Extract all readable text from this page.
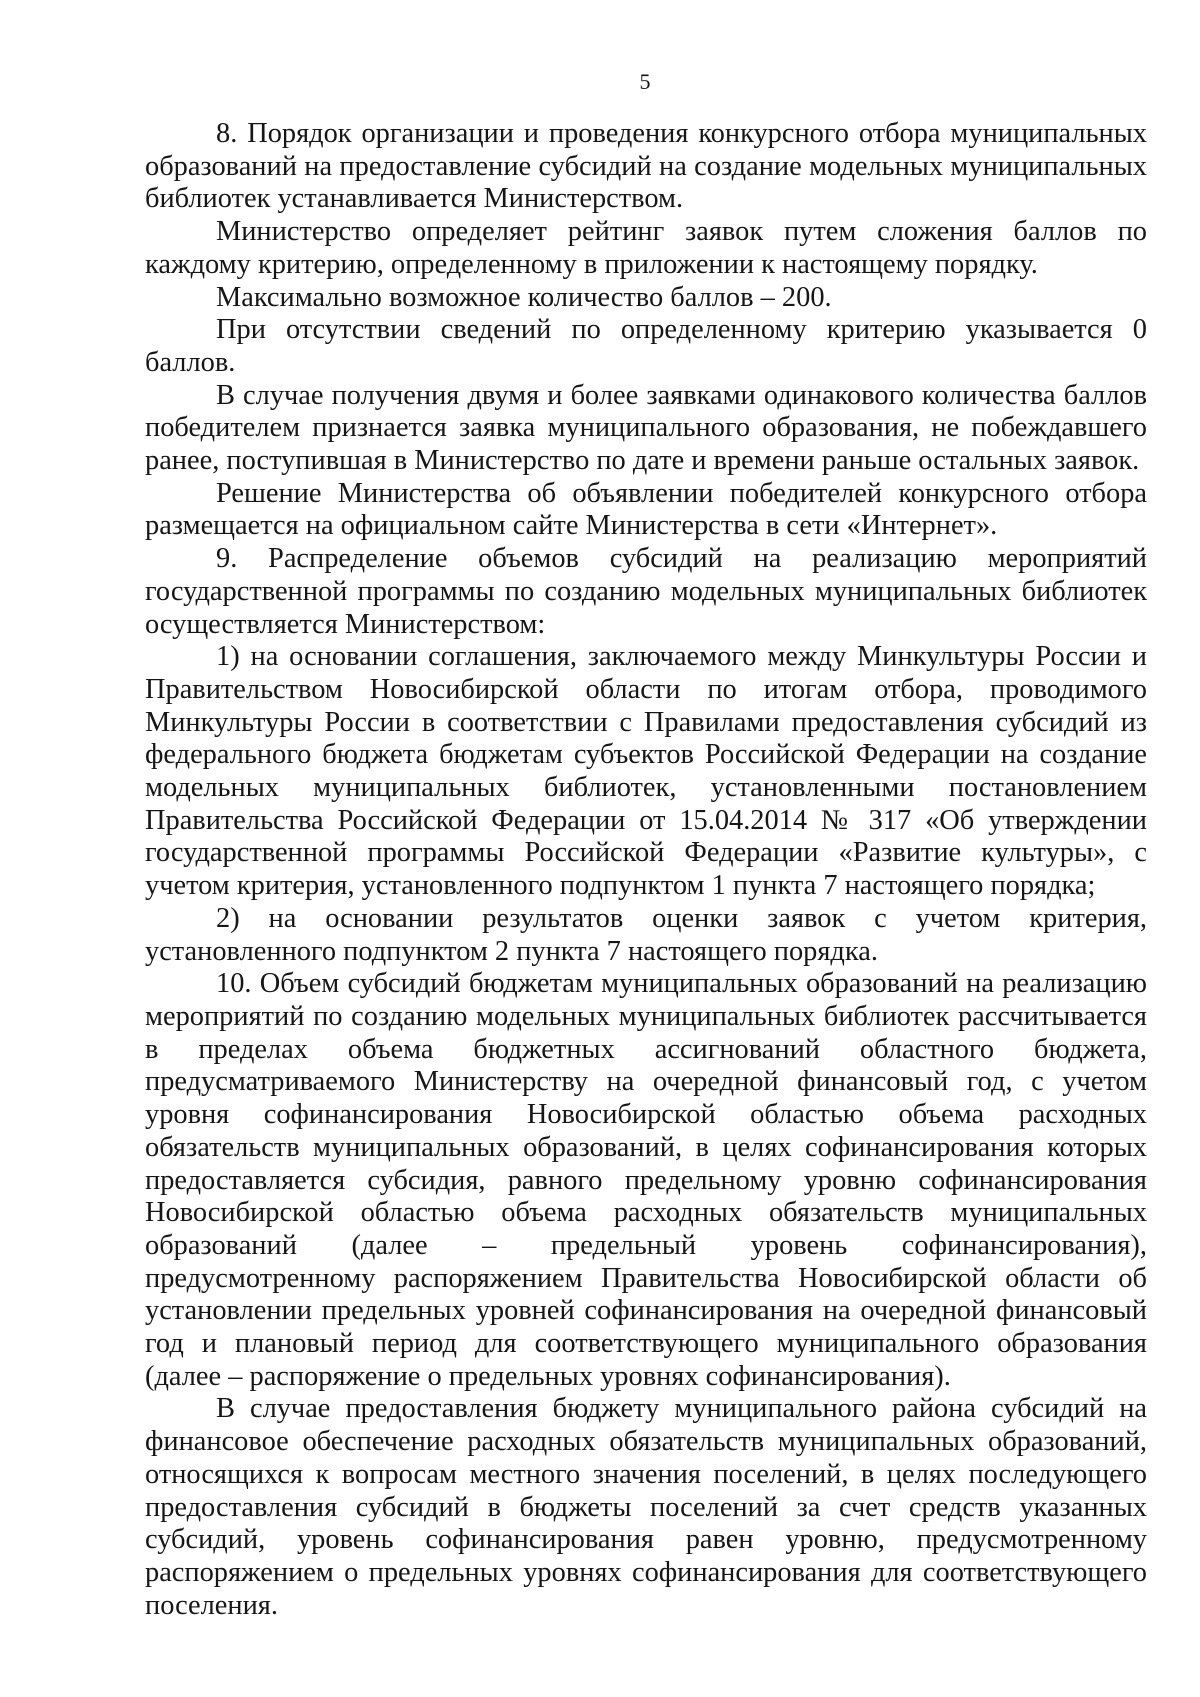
5

8. Порядок организации и проведения конкурсного отбора муниципальных образований на предоставление субсидий на создание модельных муниципальных библиотек устанавливается Министерством.

Министерство определяет рейтинг заявок путем сложения баллов по каждому критерию, определенному в приложении к настоящему порядку.

Максимально возможное количество баллов – 200.

При отсутствии сведений по определенному критерию указывается 0 баллов.

В случае получения двумя и более заявками одинакового количества баллов победителем признается заявка муниципального образования, не побеждавшего ранее, поступившая в Министерство по дате и времени раньше остальных заявок.

Решение Министерства об объявлении победителей конкурсного отбора размещается на официальном сайте Министерства в сети «Интернет».

9. Распределение объемов субсидий на реализацию мероприятий государственной программы по созданию модельных муниципальных библиотек осуществляется Министерством:

1) на основании соглашения, заключаемого между Минкультуры России и Правительством Новосибирской области по итогам отбора, проводимого Минкультуры России в соответствии с Правилами предоставления субсидий из федерального бюджета бюджетам субъектов Российской Федерации на создание модельных муниципальных библиотек, установленными постановлением Правительства Российской Федерации от 15.04.2014 № 317 «Об утверждении государственной программы Российской Федерации «Развитие культуры», с учетом критерия, установленного подпунктом 1 пункта 7 настоящего порядка;

2) на основании результатов оценки заявок с учетом критерия, установленного подпунктом 2 пункта 7 настоящего порядка.

10. Объем субсидий бюджетам муниципальных образований на реализацию мероприятий по созданию модельных муниципальных библиотек рассчитывается в пределах объема бюджетных ассигнований областного бюджета, предусматриваемого Министерству на очередной финансовый год, с учетом уровня софинансирования Новосибирской областью объема расходных обязательств муниципальных образований, в целях софинансирования которых предоставляется субсидия, равного предельному уровню софинансирования Новосибирской областью объема расходных обязательств муниципальных образований (далее – предельный уровень софинансирования), предусмотренному распоряжением Правительства Новосибирской области об установлении предельных уровней софинансирования на очередной финансовый год и плановый период для соответствующего муниципального образования (далее – распоряжение о предельных уровнях софинансирования).

В случае предоставления бюджету муниципального района субсидий на финансовое обеспечение расходных обязательств муниципальных образований, относящихся к вопросам местного значения поселений, в целях последующего предоставления субсидий в бюджеты поселений за счет средств указанных субсидий, уровень софинансирования равен уровню, предусмотренному распоряжением о предельных уровнях софинансирования для соответствующего поселения.
